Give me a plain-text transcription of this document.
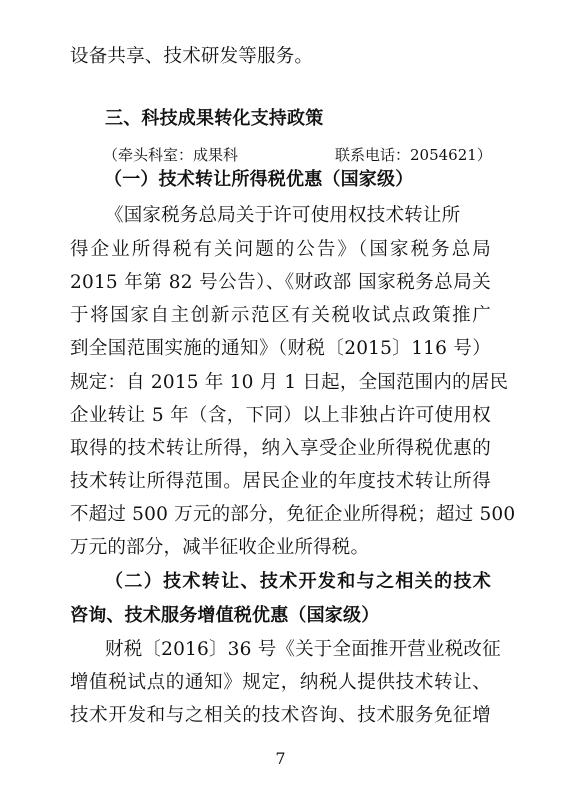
设备共享、技术研发等服务。
三、科技成果转化支持政策
（牵头科室：成果科	联系电话：2054621）
（一）技术转让所得税优惠（国家级）
《国家税务总局关于许可使用权技术转让所
得企业所得税有关问题的公告》（国家税务总局
2015 年第 82 号公告）、《财政部 国家税务总局关
于将国家自主创新示范区有关税收试点政策推广
到全国范围实施的通知》（财税〔2015〕116 号）
规定：自 2015 年 10 月 1 日起，全国范围内的居民
企业转让 5 年（含，下同）以上非独占许可使用权
取得的技术转让所得，纳入享受企业所得税优惠的
技术转让所得范围。居民企业的年度技术转让所得
不超过 500 万元的部分，免征企业所得税；超过 500
万元的部分，减半征收企业所得税。
（二）技术转让、技术开发和与之相关的技术
咨询、技术服务增值税优惠（国家级）
财税〔2016〕36 号《关于全面推开营业税改征
增值税试点的通知》规定，纳税人提供技术转让、
技术开发和与之相关的技术咨询、技术服务免征增
7
